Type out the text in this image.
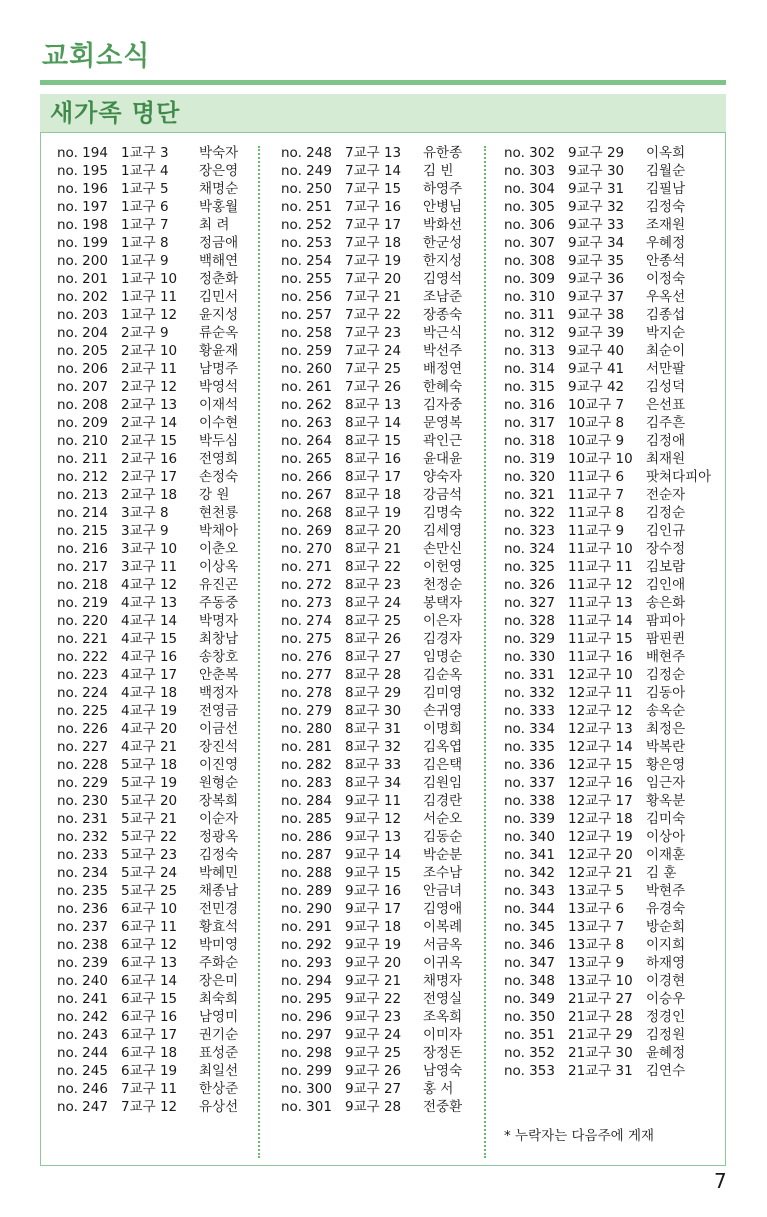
교회소식
새가족 명단
no. 194 1교구 3 박숙자
no. 195 1교구 4 장은영
no. 196 1교구 5 채명순
no. 197 1교구 6 박홍월
no. 198 1교구 7 최 려
no. 199 1교구 8 정금애
no. 200 1교구 9 백해연
no. 201 1교구 10 정춘화
no. 202 1교구 11 김민서
no. 203 1교구 12 윤지성
no. 204 2교구 9 류순옥
no. 205 2교구 10 황윤재
no. 206 2교구 11 남명주
no. 207 2교구 12 박영석
no. 208 2교구 13 이재석
no. 209 2교구 14 이수현
no. 210 2교구 15 박두심
no. 211 2교구 16 전영희
no. 212 2교구 17 손정숙
no. 213 2교구 18 강 원
no. 214 3교구 8 현천룡
no. 215 3교구 9 박채아
no. 216 3교구 10 이춘오
no. 217 3교구 11 이상옥
no. 218 4교구 12 유진곤
no. 219 4교구 13 주동중
no. 220 4교구 14 박명자
no. 221 4교구 15 최창남
no. 222 4교구 16 송창호
no. 223 4교구 17 안춘복
no. 224 4교구 18 백정자
no. 225 4교구 19 전영금
no. 226 4교구 20 이금선
no. 227 4교구 21 장진석
no. 228 5교구 18 이진영
no. 229 5교구 19 원형순
no. 230 5교구 20 장복희
no. 231 5교구 21 이순자
no. 232 5교구 22 정광옥
no. 233 5교구 23 김정숙
no. 234 5교구 24 박혜민
no. 235 5교구 25 채종남
no. 236 6교구 10 전민경
no. 237 6교구 11 황효석
no. 238 6교구 12 박미영
no. 239 6교구 13 주화순
no. 240 6교구 14 장은미
no. 241 6교구 15 최숙희
no. 242 6교구 16 남영미
no. 243 6교구 17 권기순
no. 244 6교구 18 표성준
no. 245 6교구 19 최일선
no. 246 7교구 11 한상준
no. 247 7교구 12 유상선
no. 248 7교구 13 유한종
no. 249 7교구 14 김 빈
no. 250 7교구 15 하영주
no. 251 7교구 16 안병님
no. 252 7교구 17 박화선
no. 253 7교구 18 한군성
no. 254 7교구 19 한지성
no. 255 7교구 20 김영석
no. 256 7교구 21 조남준
no. 257 7교구 22 장종숙
no. 258 7교구 23 박근식
no. 259 7교구 24 박선주
no. 260 7교구 25 배정연
no. 261 7교구 26 한혜숙
no. 262 8교구 13 김자중
no. 263 8교구 14 문영복
no. 264 8교구 15 곽인근
no. 265 8교구 16 윤대윤
no. 266 8교구 17 양숙자
no. 267 8교구 18 강금석
no. 268 8교구 19 김명숙
no. 269 8교구 20 김세영
no. 270 8교구 21 손만신
no. 271 8교구 22 이헌영
no. 272 8교구 23 천정순
no. 273 8교구 24 봉택자
no. 274 8교구 25 이은자
no. 275 8교구 26 김경자
no. 276 8교구 27 임명순
no. 277 8교구 28 김순옥
no. 278 8교구 29 김미영
no. 279 8교구 30 손귀영
no. 280 8교구 31 이명희
no. 281 8교구 32 김옥엽
no. 282 8교구 33 김은택
no. 283 8교구 34 김원임
no. 284 9교구 11 김경란
no. 285 9교구 12 서순오
no. 286 9교구 13 김동순
no. 287 9교구 14 박순분
no. 288 9교구 15 조수남
no. 289 9교구 16 안금녀
no. 290 9교구 17 김영애
no. 291 9교구 18 이복례
no. 292 9교구 19 서금옥
no. 293 9교구 20 이귀옥
no. 294 9교구 21 채명자
no. 295 9교구 22 전영실
no. 296 9교구 23 조옥희
no. 297 9교구 24 이미자
no. 298 9교구 25 장정돈
no. 299 9교구 26 남영숙
no. 300 9교구 27 홍 서
no. 301 9교구 28 전중환
no. 302 9교구 29 이옥희
no. 303 9교구 30 김월순
no. 304 9교구 31 김필남
no. 305 9교구 32 김정숙
no. 306 9교구 33 조재원
no. 307 9교구 34 우혜정
no. 308 9교구 35 안종석
no. 309 9교구 36 이정숙
no. 310 9교구 37 우옥선
no. 311 9교구 38 김종섭
no. 312 9교구 39 박지순
no. 313 9교구 40 최순이
no. 314 9교구 41 서만팔
no. 315 9교구 42 김성덕
no. 316 10교구 7 은선표
no. 317 10교구 8 김주흔
no. 318 10교구 9 김정애
no. 319 10교구 10 최재원
no. 320 11교구 6 팟쳐다피아
no. 321 11교구 7 전순자
no. 322 11교구 8 김정순
no. 323 11교구 9 김인규
no. 324 11교구 10 장수정
no. 325 11교구 11 김보람
no. 326 11교구 12 김인애
no. 327 11교구 13 송은화
no. 328 11교구 14 팜피아
no. 329 11교구 15 팜핀퀸
no. 330 11교구 16 배현주
no. 331 12교구 10 김정순
no. 332 12교구 11 김동아
no. 333 12교구 12 송옥순
no. 334 12교구 13 최정은
no. 335 12교구 14 박복란
no. 336 12교구 15 황은영
no. 337 12교구 16 임근자
no. 338 12교구 17 황옥분
no. 339 12교구 18 김미숙
no. 340 12교구 19 이상아
no. 341 12교구 20 이재훈
no. 342 12교구 21 김 훈
no. 343 13교구 5 박현주
no. 344 13교구 6 유경숙
no. 345 13교구 7 방순희
no. 346 13교구 8 이지희
no. 347 13교구 9 하재영
no. 348 13교구 10 이경현
no. 349 21교구 27 이승우
no. 350 21교구 28 정경인
no. 351 21교구 29 김정원
no. 352 21교구 30 윤혜정
no. 353 21교구 31 김연수
* 누락자는 다음주에 게재
7
